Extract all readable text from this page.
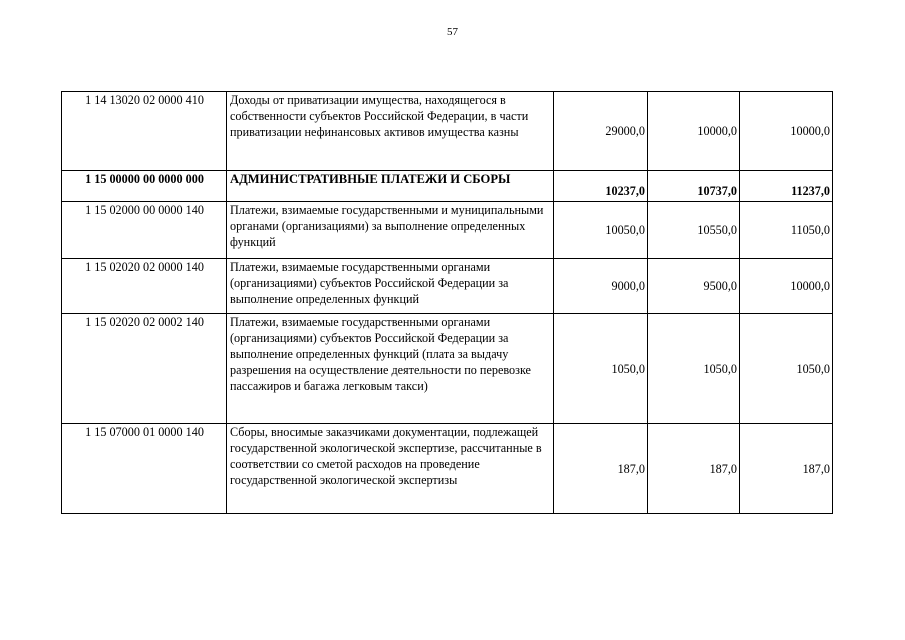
57
1 14 13020 02 0000 410	Доходы от приватизации имущества, находящегося в собственности субъектов Российской Федерации, в части приватизации нефинансовых активов имущества казны	29000,0	10000,0	10000,0
1 15 00000 00 0000 000	АДМИНИСТРАТИВНЫЕ ПЛАТЕЖИ И СБОРЫ	10237,0	10737,0	11237,0
1 15 02000 00 0000 140	Платежи, взимаемые государственными и муниципальными органами (организациями) за выполнение определенных функций	10050,0	10550,0	11050,0
1 15 02020 02 0000 140	Платежи, взимаемые государственными органами (организациями) субъектов Российской Федерации за выполнение определенных функций	9000,0	9500,0	10000,0
1 15 02020 02 0002 140	Платежи, взимаемые государственными органами (организациями) субъектов Российской Федерации за выполнение определенных функций (плата за выдачу разрешения на осуществление деятельности по перевозке пассажиров и багажа легковым такси)	1050,0	1050,0	1050,0
1 15 07000 01 0000 140	Сборы, вносимые заказчиками документации, подлежащей государственной экологической экспертизе, рассчитанные в соответствии со сметой расходов на проведение государственной экологической экспертизы	187,0	187,0	187,0
